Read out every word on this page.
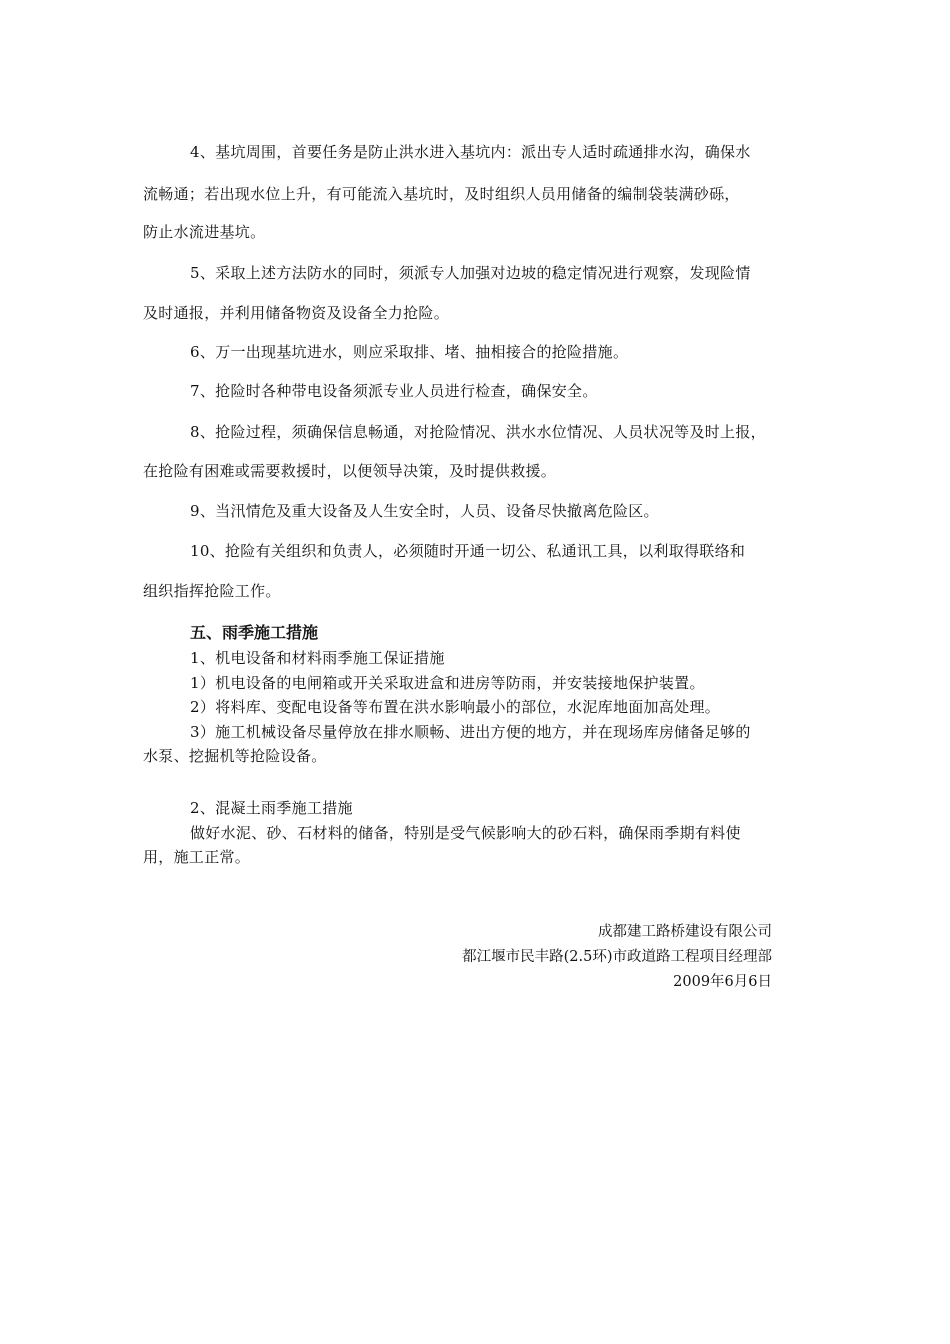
4、基坑周围，首要任务是防止洪水进入基坑内：派出专人适时疏通排水沟，确保水
流畅通；若出现水位上升，有可能流入基坑时，及时组织人员用储备的编制袋装满砂砾，
防止水流进基坑。
5、采取上述方法防水的同时，须派专人加强对边坡的稳定情况进行观察，发现险情
及时通报，并利用储备物资及设备全力抢险。
6、万一出现基坑进水，则应采取排、堵、抽相接合的抢险措施。
7、抢险时各种带电设备须派专业人员进行检查，确保安全。
8、抢险过程，须确保信息畅通，对抢险情况、洪水水位情况、人员状况等及时上报，
在抢险有困难或需要救援时，以便领导决策，及时提供救援。
9、当汛情危及重大设备及人生安全时，人员、设备尽快撤离危险区。
10、抢险有关组织和负责人，必须随时开通一切公、私通讯工具，以利取得联络和
组织指挥抢险工作。
五、雨季施工措施
1、机电设备和材料雨季施工保证措施
1）机电设备的电闸箱或开关采取进盒和进房等防雨，并安装接地保护装置。
2）将料库、变配电设备等布置在洪水影响最小的部位，水泥库地面加高处理。
3）施工机械设备尽量停放在排水顺畅、进出方便的地方，并在现场库房储备足够的
水泵、挖掘机等抢险设备。
2、混凝土雨季施工措施
做好水泥、砂、石材料的储备，特别是受气候影响大的砂石料，确保雨季期有料使
用，施工正常。
成都建工路桥建设有限公司
都江堰市民丰路(2.5环)市政道路工程项目经理部
2009年6月6日
